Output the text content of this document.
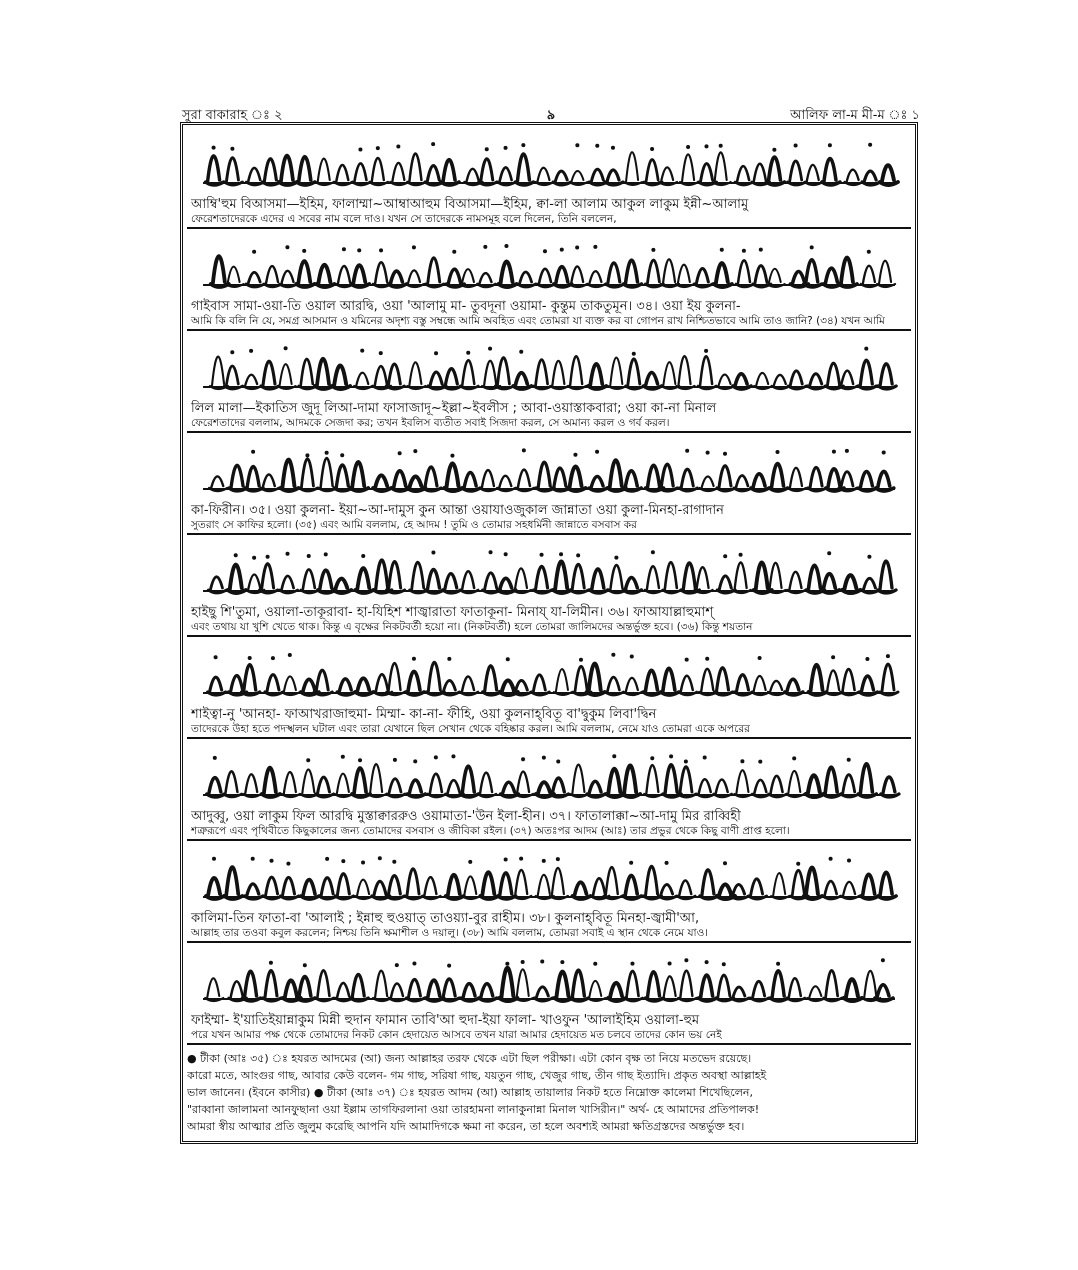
সুরা বাকারাহ ঃ ২	৯	আলিফ লা-ম মী-ম ঃ ১
ফাইম্মা- ই'য়াতিইয়ান্নাকুম মিন্নী হুদান ফামান তাবি'আ হুদা-ইয়া ফালা- খাওফুন 'আলাইহিম ওয়ালা-হুম
পরে যখন আমার পক্ষ থেকে তোমাদের নিকট কোন হেদায়েত আসবে তখন যারা আমার হেদায়েত মত চলবে তাদের কোন ভয় নেই
কালিমা-তিন ফাতা-বা 'আলাই ; ইন্নাহু হুওয়াত্ তাওয়্যা-বুর রাহীম। ৩৮। কুলনাহ্‌বিতূ মিনহা-জ্বামী'আ,
আল্লাহ তার তওবা কবুল করলেন; নিশ্চয় তিনি ক্ষমাশীল ও দয়ালু। (৩৮) আমি বললাম, তোমরা সবাই এ স্থান থেকে নেমে যাও।
আদুব্বু, ওয়া লাকুম ফিল আরদ্বি মুস্তাক্বাররুও ওয়ামাতা-'উন ইলা-হীন। ৩৭। ফাতালাক্কা~আ-দামু মির রাব্বিহী
শত্রুরূপে এবং পৃথিবীতে কিছুকালের জন্য তোমাদের বসবাস ও জীবিকা রইল। (৩৭) অতঃপর আদম (আঃ) তার প্রভুর থেকে কিছু বাণী প্রাপ্ত হলো।
শাইত্বা-নু 'আনহা- ফাআখরাজাহুমা- মিম্মা- কা-না- ফীহি, ওয়া কুলনাহ্‌বিতূ বা'দ্বুকুম লিবা'দ্বিন
তাদেরকে উহা হতে পদস্খলন ঘটাল এবং তারা যেখানে ছিল সেখান থেকে বহিষ্কার করল। আমি বললাম, নেমে যাও তোমরা একে অপরের
হাইছু শি'তুমা, ওয়ালা-তাকূরাবা- হা-যিহিশ শাজ্বারাতা ফাতাকূনা- মিনায্ যা-লিমীন। ৩৬। ফাআযাল্লাহুমাশ্
এবং তথায় যা খুশি খেতে থাক। কিন্তু এ বৃক্ষের নিকটবর্তী হয়ো না। (নিকটবর্তী) হলে তোমরা জালিমদের অন্তর্ভুক্ত হবে। (৩৬) কিন্তু শয়তান
কা-ফিরীন। ৩৫। ওয়া কুলনা- ইয়া~আ-দামুস কুন আন্তা ওয়াযাওজুকাল জান্নাতা ওয়া কুলা-মিনহা-রাগাদান
সুতরাং সে কাফির হলো। (৩৫) এবং আমি বললাম, হে আদম ! তুমি ও তোমার সহধর্মিনী জান্নাতে বসবাস কর
লিল মালা—ইকাতিস জুদূ লিআ-দামা ফাসাজাদূ~ইল্লা~ইবলীস ; আবা-ওয়াস্তাকবারা; ওয়া কা-না মিনাল
ফেরেশতাদের বললাম, আদমকে সেজদা কর; তখন ইবলিস ব্যতীত সবাই সিজদা করল, সে অমান্য করল ও গর্ব করল।
গাইবাস সামা-ওয়া-তি ওয়াল আরদ্বি, ওয়া 'আলামু মা- তুবদূনা ওয়ামা- কুন্তুম তাকতুমূন। ৩৪। ওয়া ইয় কুলনা-
আমি কি বলি নি যে, সমগ্র আসমান ও যমিনের অদৃশ্য বস্তু সম্বন্ধে আমি অবহিত এবং তোমরা যা ব্যক্ত কর বা গোপন রাখ নিশ্চিতভাবে আমি তাও জানি? (৩৪) যখন আমি
আম্বি'হুম বিআসমা—ইহিম, ফালাম্মা~আম্বাআহুম বিআসমা—ইহিম, ক্বা-লা আলাম আকুল লাকুম ইন্নী~আলামু
ফেরেশতাদেরকে এদের এ সবের নাম বলে দাও। যখন সে তাদেরকে নামসমূহ বলে দিলেন, তিনি বললেন,
● টীকা (আঃ ৩৫) ঃ হযরত আদমের (আ) জন্য আল্লাহর তরফ থেকে এটা ছিল পরীক্ষা। এটা কোন বৃক্ষ তা নিয়ে মতভেদ রয়েছে।
কারো মতে, আংগুর গাছ, আবার কেউ বলেন- গম গাছ, সরিষা গাছ, যয়তুন গাছ, খেজুর গাছ, তীন গাছ ইত্যাদি। প্রকৃত অবস্থা আল্লাহই
ভাল জানেন। (ইবনে কাসীর) ● টীকা (আঃ ৩৭) ঃ হযরত আদম (আ) আল্লাহ তায়ালার নিকট হতে নিম্নোক্ত কালেমা শিখেছিলেন,
"রাব্বানা জালামনা আনফুছানা ওয়া ইল্লাম তাগফিরলানা ওয়া তারহামনা লানাকুনান্না মিনাল খাসিরীন।" অর্থ- হে আমাদের প্রতিপালক!
আমরা স্বীয় আত্মার প্রতি জুলুম করেছি আপনি যদি আমাদিগকে ক্ষমা না করেন, তা হলে অবশ্যই আমরা ক্ষতিগ্রস্তদের অন্তর্ভুক্ত হব।
